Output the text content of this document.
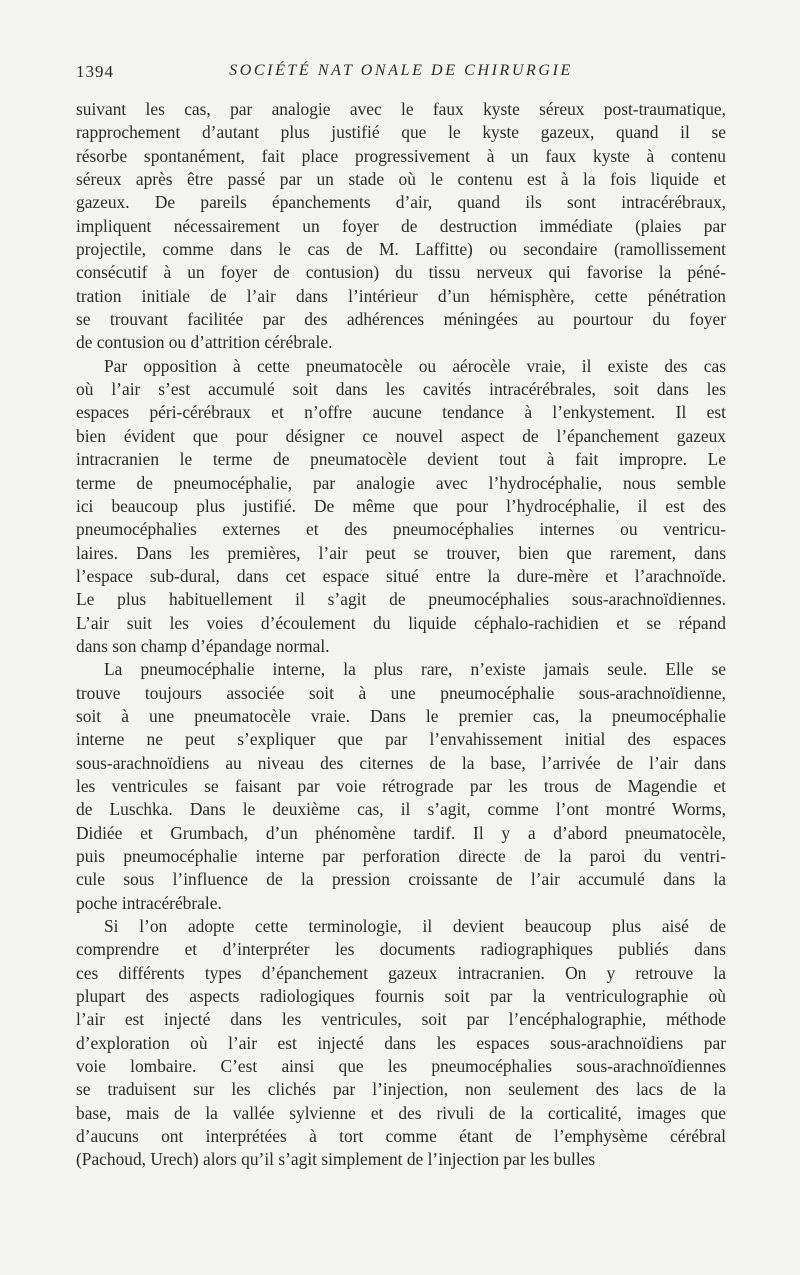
1394	SOCIÉTÉ NAT ONALE DE CHIRURGIE
suivant les cas, par analogie avec le faux kyste séreux post-traumatique,
rapprochement d’autant plus justifié que le kyste gazeux, quand il se
résorbe spontanément, fait place progressivement à un faux kyste à contenu
séreux après être passé par un stade où le contenu est à la fois liquide et
gazeux. De pareils épanchements d’air, quand ils sont intracérébraux,
impliquent nécessairement un foyer de destruction immédiate (plaies par
projectile, comme dans le cas de M. Laffitte) ou secondaire (ramollissement
consécutif à un foyer de contusion) du tissu nerveux qui favorise la péné-
tration initiale de l’air dans l’intérieur d’un hémisphère, cette pénétration
se trouvant facilitée par des adhérences méningées au pourtour du foyer
de contusion ou d’attrition cérébrale.
Par opposition à cette pneumatocèle ou aérocèle vraie, il existe des cas
où l’air s’est accumulé soit dans les cavités intracérébrales, soit dans les
espaces péri-cérébraux et n’offre aucune tendance à l’enkystement. Il est
bien évident que pour désigner ce nouvel aspect de l’épanchement gazeux
intracranien le terme de pneumatocèle devient tout à fait impropre. Le
terme de pneumocéphalie, par analogie avec l’hydrocéphalie, nous semble
ici beaucoup plus justifié. De même que pour l’hydrocéphalie, il est des
pneumocéphalies externes et des pneumocéphalies internes ou ventricu-
laires. Dans les premières, l’air peut se trouver, bien que rarement, dans
l’espace sub-dural, dans cet espace situé entre la dure-mère et l’arachnoïde.
Le plus habituellement il s’agit de pneumocéphalies sous-arachnoïdiennes.
L’air suit les voies d’écoulement du liquide céphalo-rachidien et se répand
dans son champ d’épandage normal.
La pneumocéphalie interne, la plus rare, n’existe jamais seule. Elle se
trouve toujours associée soit à une pneumocéphalie sous-arachnoïdienne,
soit à une pneumatocèle vraie. Dans le premier cas, la pneumocéphalie
interne ne peut s’expliquer que par l’envahissement initial des espaces
sous-arachnoïdiens au niveau des citernes de la base, l’arrivée de l’air dans
les ventricules se faisant par voie rétrograde par les trous de Magendie et
de Luschka. Dans le deuxième cas, il s’agit, comme l’ont montré Worms,
Didiée et Grumbach, d’un phénomène tardif. Il y a d’abord pneumatocèle,
puis pneumocéphalie interne par perforation directe de la paroi du ventri-
cule sous l’influence de la pression croissante de l’air accumulé dans la
poche intracérébrale.
Si l’on adopte cette terminologie, il devient beaucoup plus aisé de
comprendre et d’interpréter les documents radiographiques publiés dans
ces différents types d’épanchement gazeux intracranien. On y retrouve la
plupart des aspects radiologiques fournis soit par la ventriculographie où
l’air est injecté dans les ventricules, soit par l’encéphalographie, méthode
d’exploration où l’air est injecté dans les espaces sous-arachnoïdiens par
voie lombaire. C’est ainsi que les pneumocéphalies sous-arachnoïdiennes
se traduisent sur les clichés par l’injection, non seulement des lacs de la
base, mais de la vallée sylvienne et des rivuli de la corticalité, images que
d’aucuns ont interprétées à tort comme étant de l’emphysème cérébral
(Pachoud, Urech) alors qu’il s’agit simplement de l’injection par les bulles
